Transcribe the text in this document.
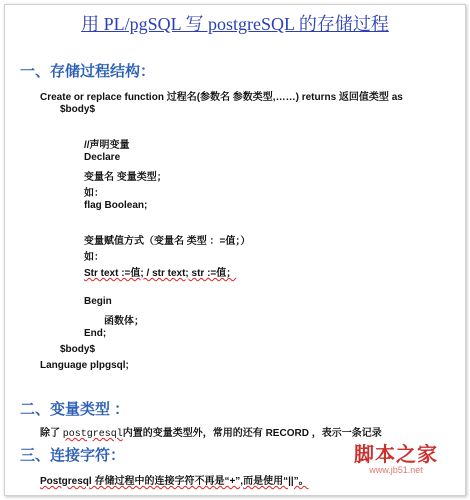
用 PL/pgSQL 写 postgreSQL 的存储过程
一、存储过程结构：
Create or replace function 过程名(参数名 参数类型,……) returns 返回值类型 as
$body$
//声明变量
Declare
变量名 变量类型；
如：
flag Boolean;
变量赋值方式（变量名 类型 ：=值；）
如：
Str text :=值; / str text; str :=值；
Begin
函数体；
End;
$body$
Language plpgsql;
二、变量类型 ：
除了 postgresql内置的变量类型外，常用的还有 RECORD ，表示一条记录
三、连接字符：
Postgresql 存储过程中的连接字符不再是“+”,而是使用“||”。
脚本之家
www.jb51.net
